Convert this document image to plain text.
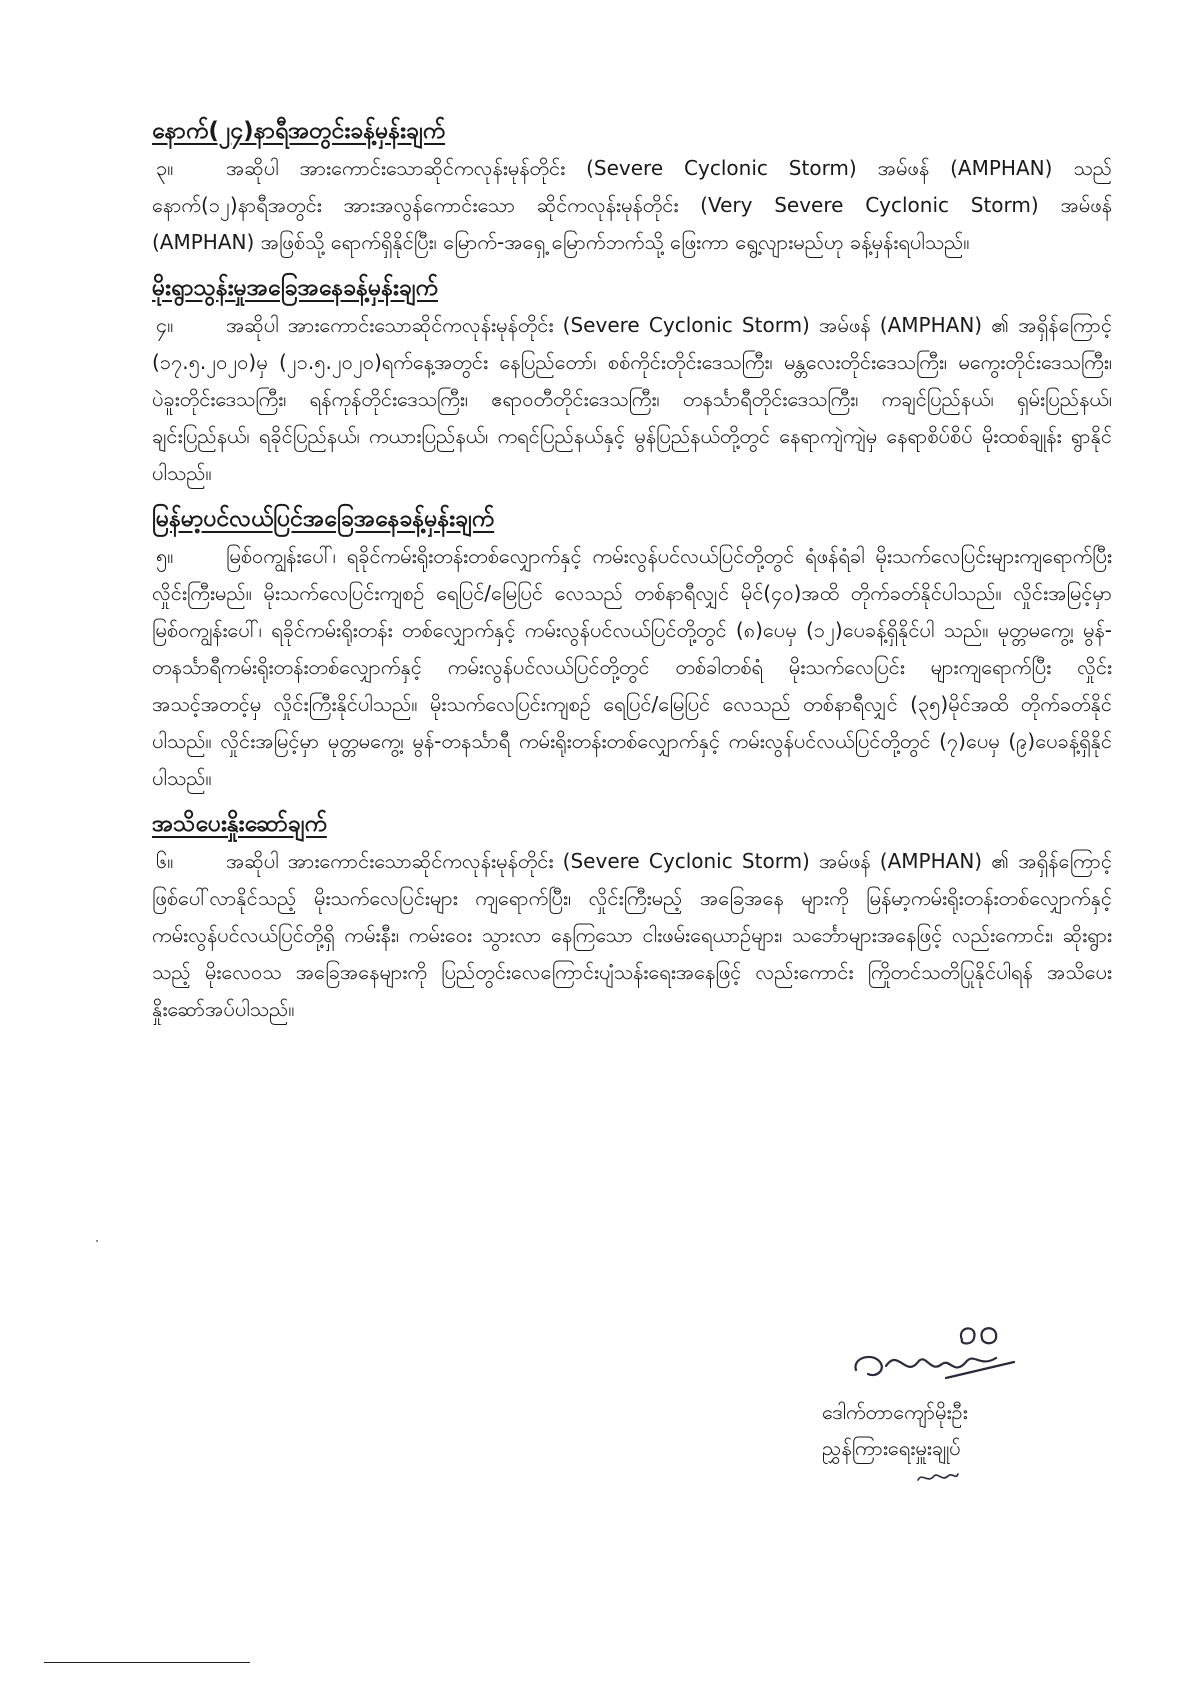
နောက်(၂၄)နာရီအတွင်းခန့်မှန်းချက်

၃။	အဆိုပါ အားကောင်းသောဆိုင်ကလုန်းမုန်တိုင်း (Severe Cyclonic Storm) အမ်ဖန် (AMPHAN) သည် နောက်(၁၂)နာရီအတွင်း အားအလွန်ကောင်းသော ဆိုင်ကလုန်းမုန်တိုင်း (Very Severe Cyclonic Storm) အမ်ဖန် (AMPHAN) အဖြစ်သို့ ရောက်ရှိနိုင်ပြီး၊ မြောက်-အရှေ့ မြောက်ဘက်သို့ ဖြေးကာ ရွေ့လျားမည်ဟု ခန့်မှန်းရပါသည်။

မိုးရွာသွန်းမှုအခြေအနေခန့်မှန်းချက်

၄။	အဆိုပါ အားကောင်းသောဆိုင်ကလုန်းမုန်တိုင်း (Severe Cyclonic Storm) အမ်ဖန် (AMPHAN) ၏ အရှိန်ကြောင့် (၁၇.၅.၂၀၂၀)မှ (၂၁.၅.၂၀၂၀)ရက်နေ့အတွင်း နေပြည်တော်၊ စစ်ကိုင်းတိုင်းဒေသကြီး၊ မန္တလေးတိုင်းဒေသကြီး၊ မကွေးတိုင်းဒေသကြီး၊ ပဲခူးတိုင်းဒေသကြီး၊ ရန်ကုန်တိုင်းဒေသကြီး၊ ဧရာဝတီတိုင်းဒေသကြီး၊ တနင်္သာရီတိုင်းဒေသကြီး၊ ကချင်ပြည်နယ်၊ ရှမ်းပြည်နယ်၊ ချင်းပြည်နယ်၊ ရခိုင်ပြည်နယ်၊ ကယားပြည်နယ်၊ ကရင်ပြည်နယ်နှင့် မွန်ပြည်နယ်တို့တွင် နေရာကျဲကျဲမှ နေရာစိပ်စိပ် မိုးထစ်ချုန်း ရွာနိုင်ပါသည်။

မြန်မာ့ပင်လယ်ပြင်အခြေအနေခန့်မှန်းချက်

၅။	မြစ်ဝကျွန်းပေါ်၊ ရခိုင်ကမ်းရိုးတန်းတစ်လျှောက်နှင့် ကမ်းလွန်ပင်လယ်ပြင်တို့တွင် ရံဖန်ရံခါ မိုးသက်လေပြင်းများကျရောက်ပြီး လှိုင်းကြီးမည်။ မိုးသက်လေပြင်းကျစဉ် ရေပြင်/မြေပြင် လေသည် တစ်နာရီလျှင် မိုင်(၄၀)အထိ တိုက်ခတ်နိုင်ပါသည်။ လှိုင်းအမြင့်မှာ မြစ်ဝကျွန်းပေါ်၊ ရခိုင်ကမ်းရိုးတန်း တစ်လျှောက်နှင့် ကမ်းလွန်ပင်လယ်ပြင်တို့တွင် (၈)ပေမှ (၁၂)ပေခန့်ရှိနိုင်ပါ သည်။ မုတ္တမကွေ့၊ မွန်-တနင်္သာရီကမ်းရိုးတန်းတစ်လျှောက်နှင့် ကမ်းလွန်ပင်လယ်ပြင်တို့တွင် တစ်ခါတစ်ရံ မိုးသက်လေပြင်း များကျရောက်ပြီး လှိုင်းအသင့်အတင့်မှ လှိုင်းကြီးနိုင်ပါသည်။ မိုးသက်လေပြင်းကျစဉ် ရေပြင်/မြေပြင် လေသည် တစ်နာရီလျှင် (၃၅)မိုင်အထိ တိုက်ခတ်နိုင်ပါသည်။ လှိုင်းအမြင့်မှာ မုတ္တမကွေ့၊ မွန်-တနင်္သာရီ ကမ်းရိုးတန်းတစ်လျှောက်နှင့် ကမ်းလွန်ပင်လယ်ပြင်တို့တွင် (၇)ပေမှ (၉)ပေခန့်ရှိနိုင်ပါသည်။

အသိပေးနှိုးဆော်ချက်

၆။	အဆိုပါ အားကောင်းသောဆိုင်ကလုန်းမုန်တိုင်း (Severe Cyclonic Storm) အမ်ဖန် (AMPHAN) ၏ အရှိန်ကြောင့် ဖြစ်ပေါ်လာနိုင်သည့် မိုးသက်လေပြင်းများ ကျရောက်ပြီး၊ လှိုင်းကြီးမည့် အခြေအနေ များကို မြန်မာ့ကမ်းရိုးတန်းတစ်လျှောက်နှင့် ကမ်းလွန်ပင်လယ်ပြင်တို့ရှိ ကမ်းနီး၊ ကမ်းဝေး သွားလာ နေကြသော ငါးဖမ်းရေယာဉ်များ၊ သင်္ဘောများအနေဖြင့် လည်းကောင်း၊ ဆိုးရွားသည့် မိုးလေဝသ အခြေအနေများကို ပြည်တွင်းလေကြောင်းပျံသန်းရေးအနေဖြင့် လည်းကောင်း ကြိုတင်သတိပြုနိုင်ပါရန် အသိပေး နှိုးဆော်အပ်ပါသည်။

ဒေါက်တာကျော်မိုးဦး
ညွှန်ကြားရေးမှူးချုပ်
